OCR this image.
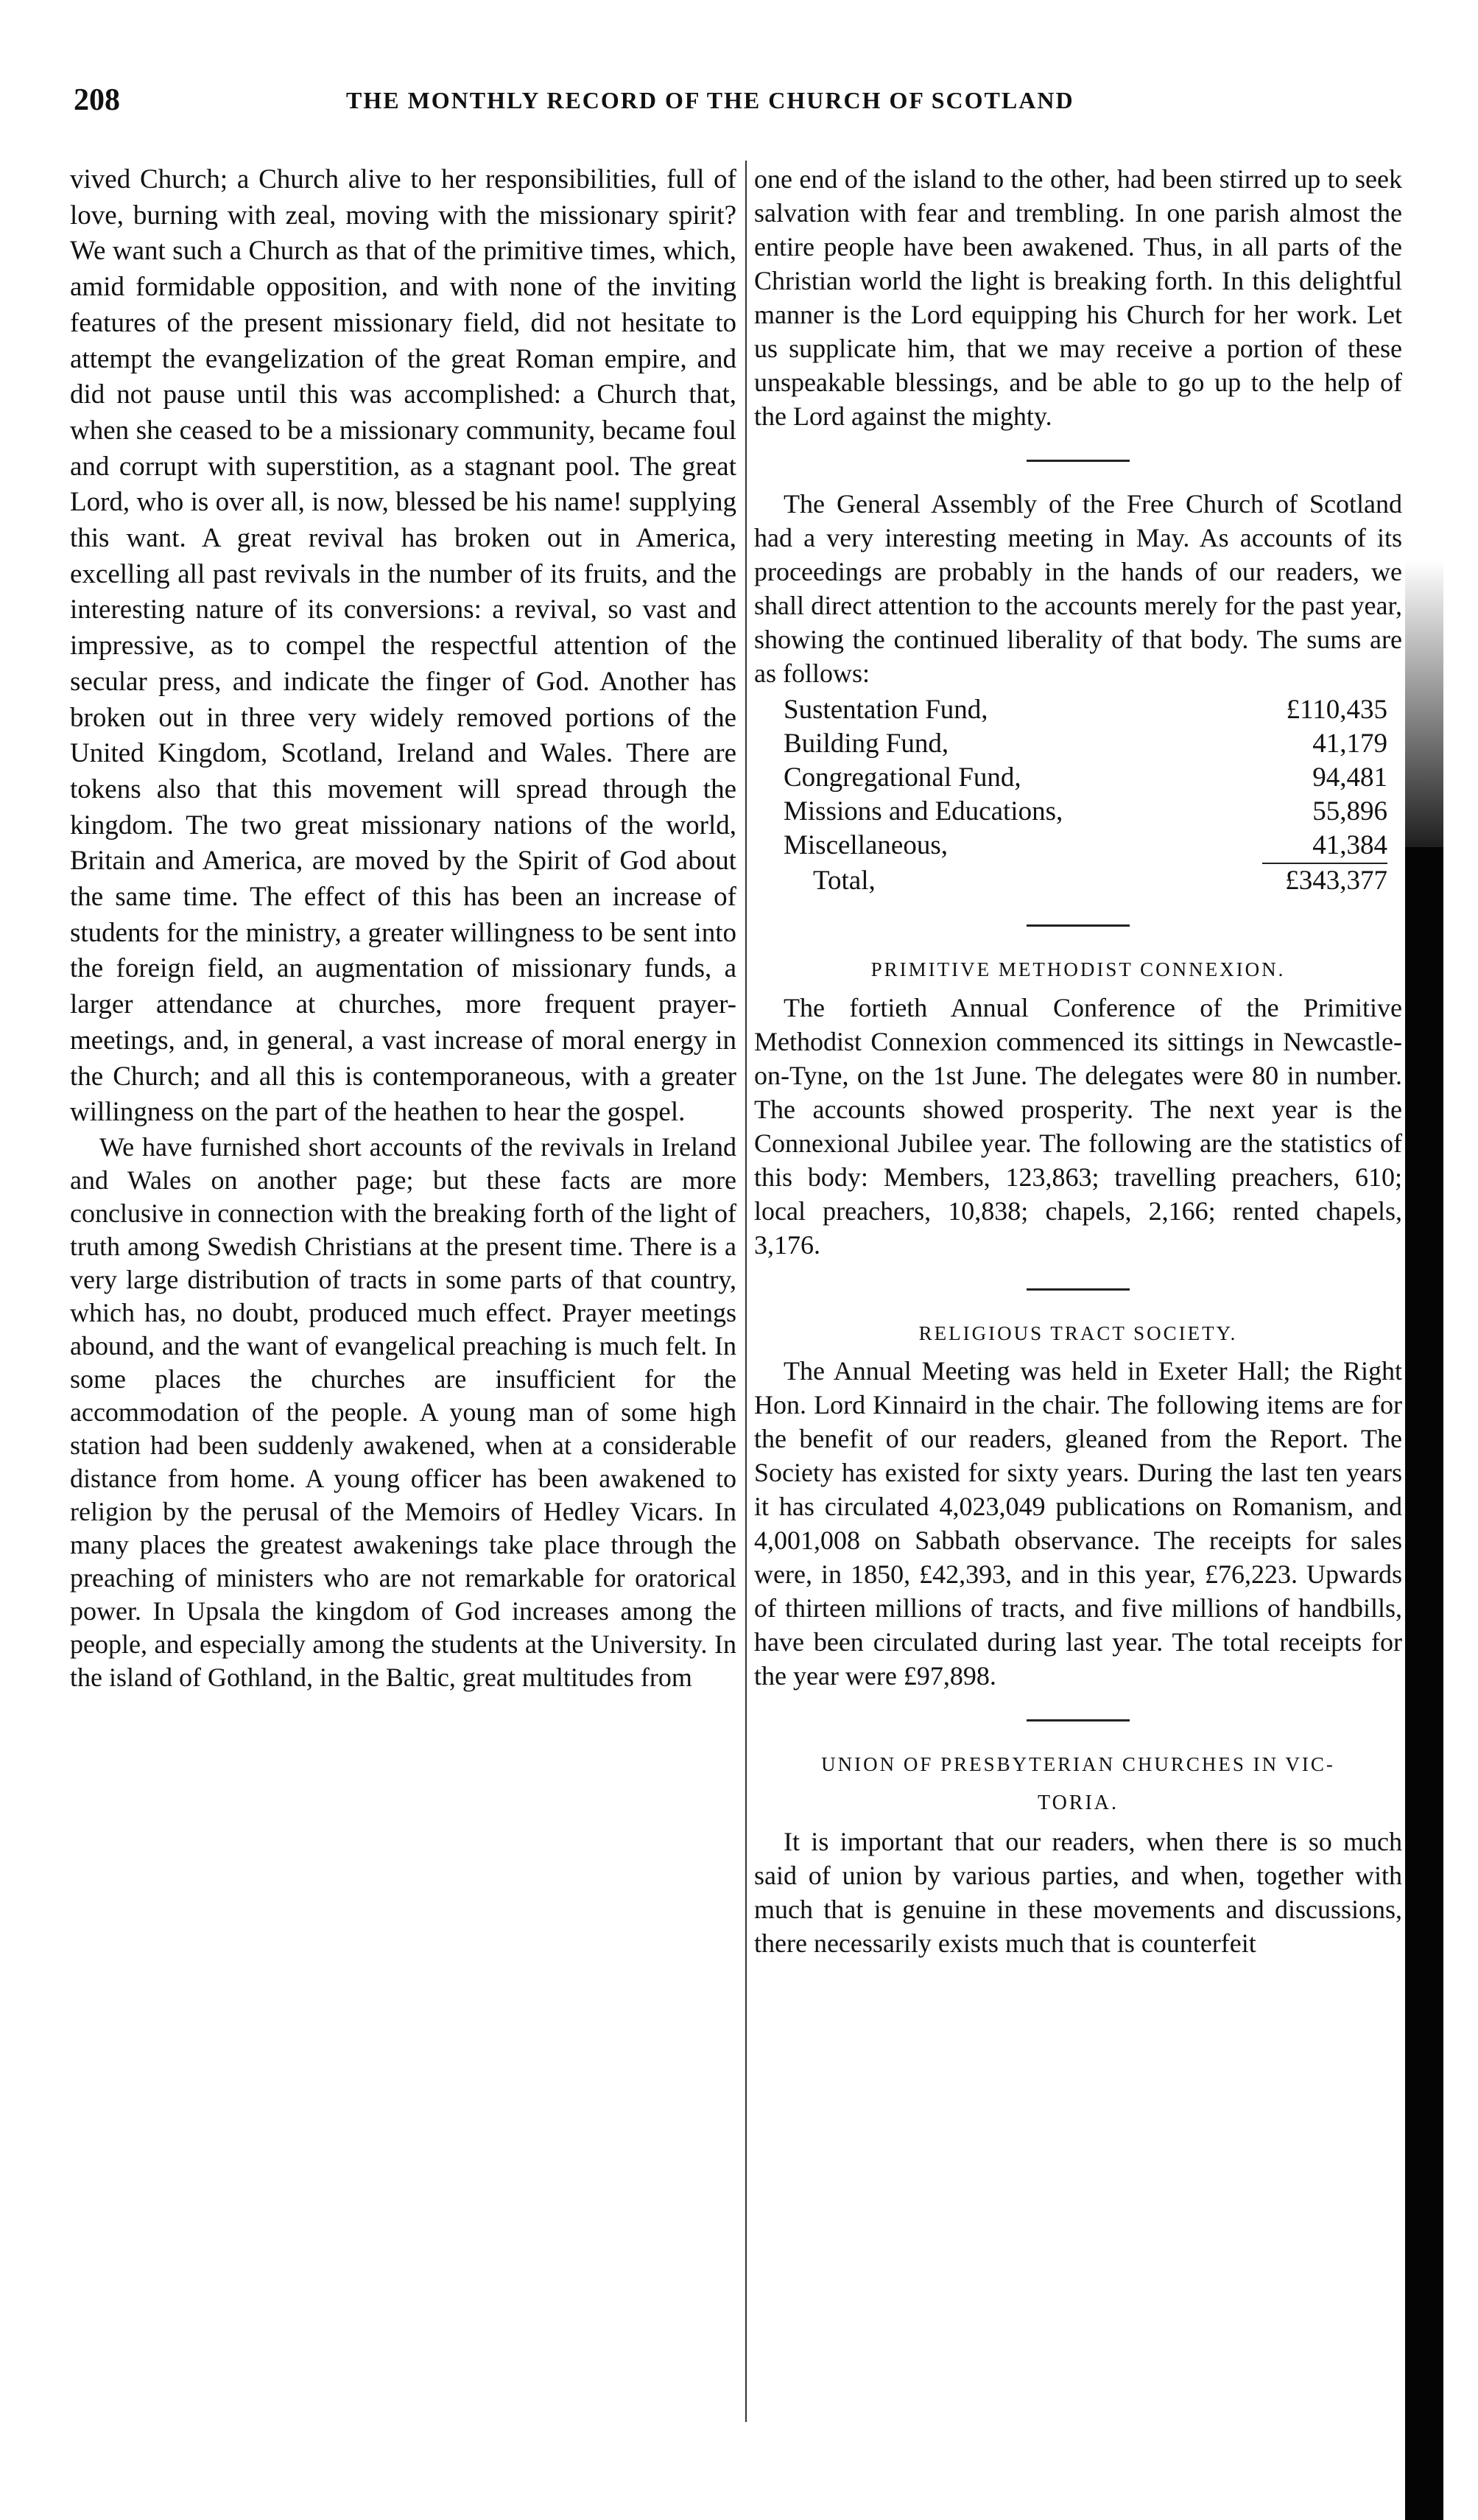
208	THE MONTHLY RECORD OF THE CHURCH OF SCOTLAND

vived Church; a Church alive to her responsibilities, full of love, burning with zeal, moving with the missionary spirit? We want such a Church as that of the primitive times, which, amid formidable opposition, and with none of the inviting features of the present missionary field, did not hesitate to attempt the evangelization of the great Roman empire, and did not pause until this was accomplished: a Church that, when she ceased to be a missionary community, became foul and corrupt with superstition, as a stagnant pool. The great Lord, who is over all, is now, blessed be his name! supplying this want. A great revival has broken out in America, excelling all past revivals in the number of its fruits, and the interesting nature of its conversions: a revival, so vast and impressive, as to compel the respectful attention of the secular press, and indicate the finger of God. Another has broken out in three very widely removed portions of the United Kingdom, Scotland, Ireland and Wales. There are tokens also that this movement will spread through the kingdom. The two great missionary nations of the world, Britain and America, are moved by the Spirit of God about the same time. The effect of this has been an increase of students for the ministry, a greater willingness to be sent into the foreign field, an augmentation of missionary funds, a larger attendance at churches, more frequent prayer-meetings, and, in general, a vast increase of moral energy in the Church; and all this is contemporaneous, with a greater willingness on the part of the heathen to hear the gospel.

We have furnished short accounts of the revivals in Ireland and Wales on another page; but these facts are more conclusive in connection with the breaking forth of the light of truth among Swedish Christians at the present time. There is a very large distribution of tracts in some parts of that country, which has, no doubt, produced much effect. Prayer meetings abound, and the want of evangelical preaching is much felt. In some places the churches are insufficient for the accommodation of the people. A young man of some high station had been suddenly awakened, when at a considerable distance from home. A young officer has been awakened to religion by the perusal of the Memoirs of Hedley Vicars. In many places the greatest awakenings take place through the preaching of ministers who are not remarkable for oratorical power. In Upsala the kingdom of God increases among the people, and especially among the students at the University. In the island of Gothland, in the Baltic, great multitudes from

one end of the island to the other, had been stirred up to seek salvation with fear and trembling. In one parish almost the entire people have been awakened. Thus, in all parts of the Christian world the light is breaking forth. In this delightful manner is the Lord equipping his Church for her work. Let us supplicate him, that we may receive a portion of these unspeakable blessings, and be able to go up to the help of the Lord against the mighty.

The General Assembly of the Free Church of Scotland had a very interesting meeting in May. As accounts of its proceedings are probably in the hands of our readers, we shall direct attention to the accounts merely for the past year, showing the continued liberality of that body. The sums are as follows:

Sustentation Fund,	£110,435
Building Fund,	41,179
Congregational Fund,	94,481
Missions and Educations,	55,896
Miscellaneous,	41,384

Total,	£343,377
PRIMITIVE METHODIST CONNEXION.

The fortieth Annual Conference of the Primitive Methodist Connexion commenced its sittings in Newcastle-on-Tyne, on the 1st June. The delegates were 80 in number. The accounts showed prosperity. The next year is the Connexional Jubilee year. The following are the statistics of this body: Members, 123,863; travelling preachers, 610; local preachers, 10,838; chapels, 2,166; rented chapels, 3,176.

RELIGIOUS TRACT SOCIETY.

The Annual Meeting was held in Exeter Hall; the Right Hon. Lord Kinnaird in the chair. The following items are for the benefit of our readers, gleaned from the Report. The Society has existed for sixty years. During the last ten years it has circulated 4,023,049 publications on Romanism, and 4,001,008 on Sabbath observance. The receipts for sales were, in 1850, £42,393, and in this year, £76,223. Upwards of thirteen millions of tracts, and five millions of handbills, have been circulated during last year. The total receipts for the year were £97,898.

UNION OF PRESBYTERIAN CHURCHES IN VIC-
TORIA.

It is important that our readers, when there is so much said of union by various parties, and when, together with much that is genuine in these movements and discussions, there necessarily exists much that is counterfeit
